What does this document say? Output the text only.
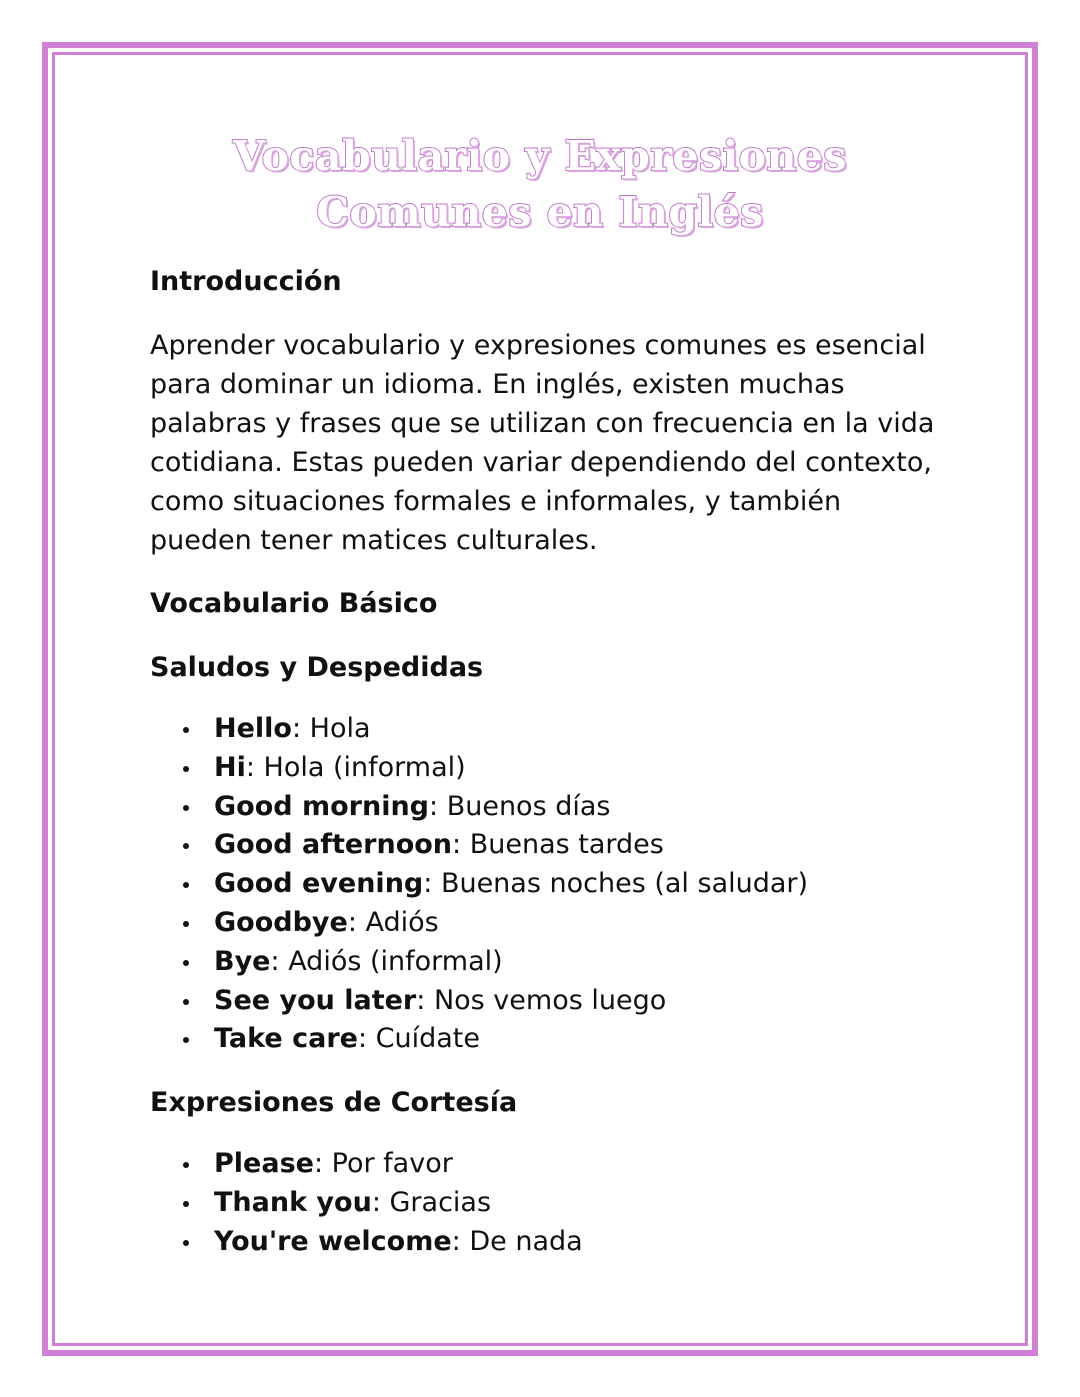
Vocabulario y Expresiones
Comunes en Inglés

Introducción

Aprender vocabulario y expresiones comunes es esencial para dominar un idioma. En inglés, existen muchas palabras y frases que se utilizan con frecuencia en la vida cotidiana. Estas pueden variar dependiendo del contexto, como situaciones formales e informales, y también pueden tener matices culturales.

Vocabulario Básico

Saludos y Despedidas

Hello: Hola
Hi: Hola (informal)
Good morning: Buenos días
Good afternoon: Buenas tardes
Good evening: Buenas noches (al saludar)
Goodbye: Adiós
Bye: Adiós (informal)
See you later: Nos vemos luego
Take care: Cuídate

Expresiones de Cortesía

Please: Por favor
Thank you: Gracias
You're welcome: De nada
